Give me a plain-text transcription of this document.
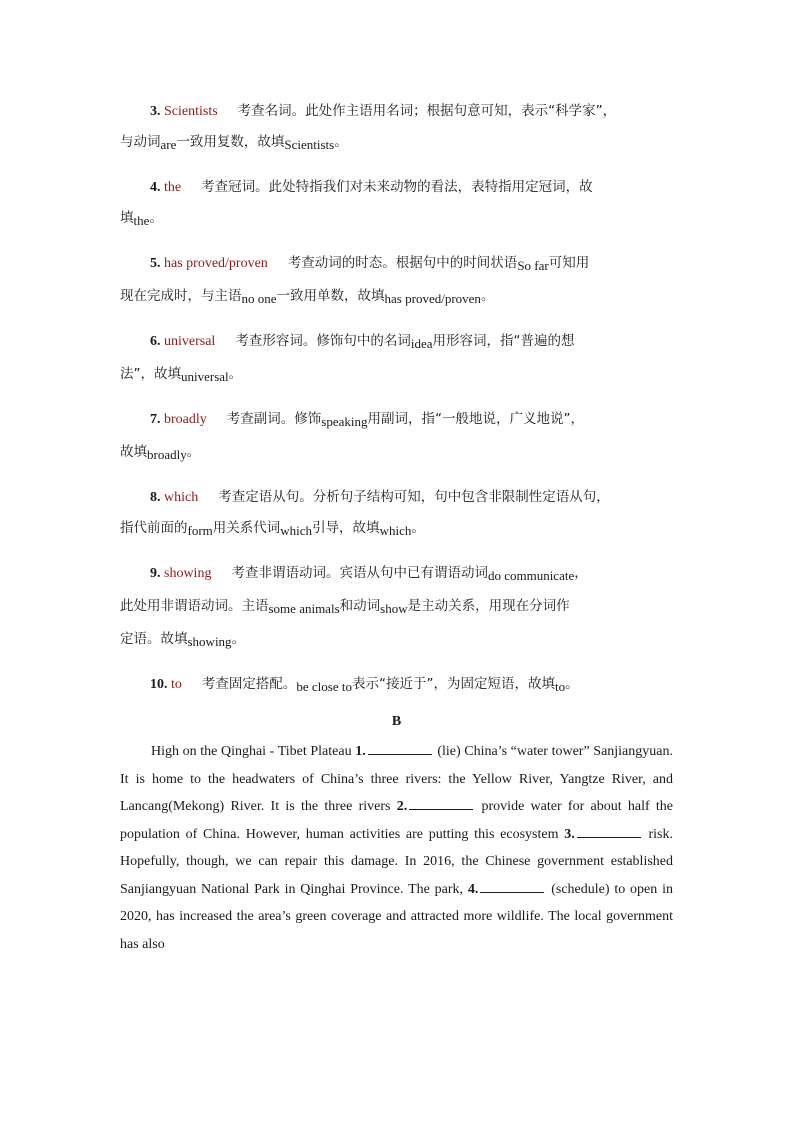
3. Scientists 考查名词。此处作主语用名词；根据句意可知，表示“科学家”，
与动词are一致用复数，故填Scientists。
4. the 考查冠词。此处特指我们对未来动物的看法，表特指用定冠词，故
填the。
5. has proved/proven 考查动词的时态。根据句中的时间状语So far可知用
现在完成时，与主语no one一致用单数，故填has proved/proven。
6. universal 考查形容词。修饰句中的名词idea用形容词，指“普遍的想
法”，故填universal。
7. broadly 考查副词。修饰speaking用副词，指“一般地说，广义地说”，
故填broadly。
8. which 考查定语从句。分析句子结构可知，句中包含非限制性定语从句，
指代前面的form用关系代词which引导，故填which。
9. showing 考查非谓语动词。宾语从句中已有谓语动词do communicate，
此处用非谓语动词。主语some animals和动词show是主动关系，用现在分词作
定语。故填showing。
10. to 考查固定搭配。be close to表示“接近于”，为固定短语，故填to。
B
High on the Qinghai - Tibet Plateau 1.	(lie) China’s “water tower” Sanjiangyuan. It is home to the headwaters of China’s three rivers: the Yellow River, Yangtze River, and Lancang(Mekong) River. It is the three rivers 2.	provide water for about half the population of China. However, human activities are putting this ecosystem 3.	risk. Hopefully, though, we can repair this damage. In 2016, the Chinese government established Sanjiangyuan National Park in Qinghai Province. The park, 4.	(schedule) to open in 2020, has increased the area’s green coverage and attracted more wildlife. The local government has also
